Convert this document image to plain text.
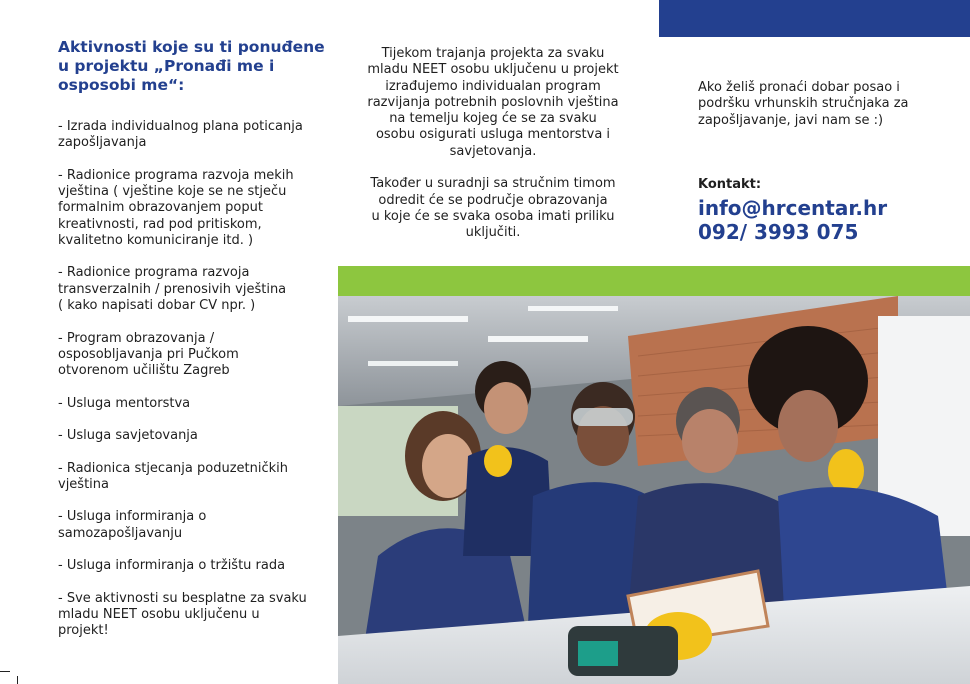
Aktivnosti koje su ti ponuđene
u projektu „Pronađi me i
osposobi me“:

- Izrada individualnog plana poticanja
zapošljavanja

- Radionice programa razvoja mekih
vještina ( vještine koje se ne stječu
formalnim obrazovanjem poput
kreativnosti, rad pod pritiskom,
kvalitetno komuniciranje itd. )

- Radionice programa razvoja
transverzalnih / prenosivih vještina
( kako napisati dobar CV npr. )

- Program obrazovanja /
osposobljavanja pri Pučkom
otvorenom učilištu Zagreb

- Usluga mentorstva

- Usluga savjetovanja

- Radionica stjecanja poduzetničkih
vještina

- Usluga informiranja o
samozapošljavanju

- Usluga informiranja o tržištu rada

- Sve aktivnosti su besplatne za svaku
mladu NEET osobu uključenu u
projekt!

Tijekom trajanja projekta za svaku
mladu NEET osobu uključenu u projekt
izrađujemo individualan program
razvijanja potrebnih poslovnih vještina
na temelju kojeg će se za svaku
osobu osigurati usluga mentorstva i
savjetovanja.

Također u suradnji sa stručnim timom
odredit će se područje obrazovanja
u koje će se svaka osoba imati priliku
uključiti.

Ako želiš pronaći dobar posao i
podršku vrhunskih stručnjaka za
zapošljavanje, javi nam se :)

Kontakt:

info@hrcentar.hr

092/ 3993 075
